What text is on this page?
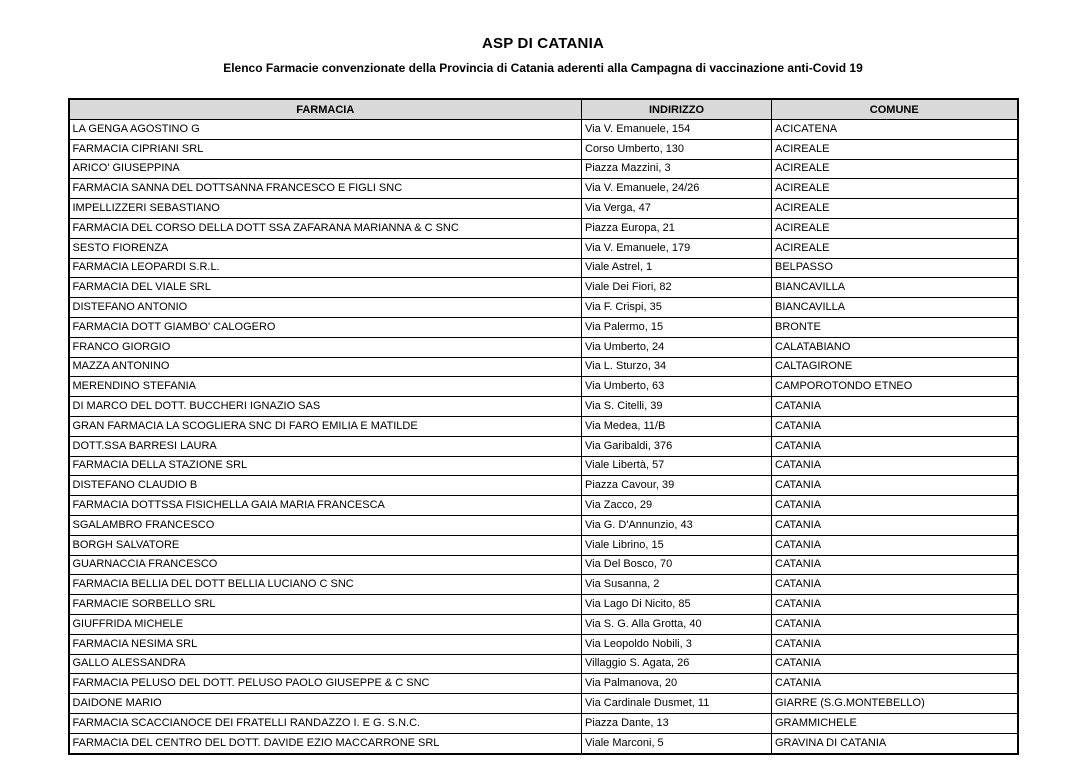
ASP DI CATANIA
Elenco Farmacie convenzionate della Provincia di Catania aderenti alla Campagna di vaccinazione anti-Covid 19
FARMACIA	INDIRIZZO	COMUNE
LA GENGA AGOSTINO G	Via V. Emanuele, 154	ACICATENA
FARMACIA CIPRIANI SRL	Corso Umberto, 130	ACIREALE
ARICO' GIUSEPPINA	Piazza Mazzini, 3	ACIREALE
FARMACIA SANNA DEL DOTTSANNA FRANCESCO E FIGLI SNC	Via V. Emanuele, 24/26	ACIREALE
IMPELLIZZERI SEBASTIANO	Via Verga, 47	ACIREALE
FARMACIA DEL CORSO DELLA DOTT SSA ZAFARANA MARIANNA & C SNC	Piazza Europa, 21	ACIREALE
SESTO FIORENZA	Via V. Emanuele, 179	ACIREALE
FARMACIA LEOPARDI S.R.L.	Viale Astrel, 1	BELPASSO
FARMACIA DEL VIALE SRL	Viale Dei Fiori, 82	BIANCAVILLA
DISTEFANO ANTONIO	Via F. Crispi, 35	BIANCAVILLA
FARMACIA DOTT GIAMBO' CALOGERO	Via Palermo, 15	BRONTE
FRANCO GIORGIO	Via Umberto, 24	CALATABIANO
MAZZA ANTONINO	Via L. Sturzo, 34	CALTAGIRONE
MERENDINO STEFANIA	Via Umberto, 63	CAMPOROTONDO ETNEO
DI MARCO DEL DOTT. BUCCHERI IGNAZIO SAS	Via S. Citelli, 39	CATANIA
GRAN FARMACIA LA SCOGLIERA SNC DI FARO EMILIA E MATILDE	Via Medea, 11/B	CATANIA
DOTT.SSA BARRESI LAURA	Via Garibaldi, 376	CATANIA
FARMACIA DELLA STAZIONE SRL	Viale Libertà, 57	CATANIA
DISTEFANO CLAUDIO B	Piazza Cavour, 39	CATANIA
FARMACIA DOTTSSA FISICHELLA GAIA MARIA FRANCESCA	Via Zacco, 29	CATANIA
SGALAMBRO FRANCESCO	Via G. D'Annunzio, 43	CATANIA
BORGH SALVATORE	Viale Librino, 15	CATANIA
GUARNACCIA FRANCESCO	Via Del Bosco, 70	CATANIA
FARMACIA BELLIA DEL DOTT BELLIA LUCIANO C SNC	Via Susanna, 2	CATANIA
FARMACIE SORBELLO SRL	Via Lago Di Nicito, 85	CATANIA
GIUFFRIDA MICHELE	Via S. G. Alla Grotta, 40	CATANIA
FARMACIA NESIMA SRL	Via Leopoldo Nobili, 3	CATANIA
GALLO ALESSANDRA	Villaggio S. Agata, 26	CATANIA
FARMACIA PELUSO DEL DOTT. PELUSO PAOLO GIUSEPPE & C SNC	Via Palmanova, 20	CATANIA
DAIDONE MARIO	Via Cardinale Dusmet, 11	GIARRE (S.G.MONTEBELLO)
FARMACIA SCACCIANOCE DEI FRATELLI RANDAZZO I. E G. S.N.C.	Piazza Dante, 13	GRAMMICHELE
FARMACIA DEL CENTRO DEL DOTT. DAVIDE EZIO MACCARRONE SRL	Viale Marconi, 5	GRAVINA DI CATANIA
